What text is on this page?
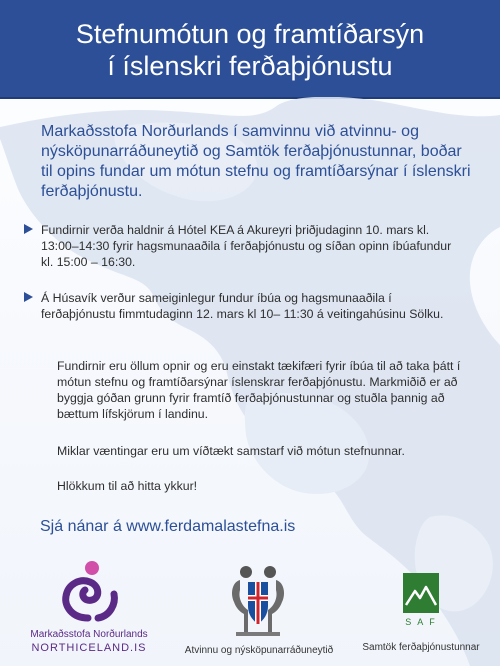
Stefnumótun og framtíðarsýn
í íslenskri ferðaþjónustu
Markaðsstofa Norðurlands í samvinnu við atvinnu- og nýsköpunarráðuneytið og Samtök ferðaþjónustunnar, boðar til opins fundar um mótun stefnu og framtíðarsýnar í íslenskri ferðaþjónustu.
Fundirnir verða haldnir á Hótel KEA á Akureyri þriðjudaginn 10. mars kl. 13:00–14:30 fyrir hagsmunaaðila í ferðaþjónustu og síðan opinn íbúafundur kl. 15:00 – 16:30.
Á Húsavík verður sameiginlegur fundur íbúa og hagsmunaaðila í ferðaþjónustu fimmtudaginn 12. mars kl 10– 11:30 á veitingahúsinu Sölku.
Fundirnir eru öllum opnir og eru einstakt tækifæri fyrir íbúa til að taka þátt í mótun stefnu og framtíðarsýnar íslenskrar ferðaþjónustu. Markmiðið er að byggja góðan grunn fyrir framtíð ferðaþjónustunnar og stuðla þannig að bættum lífskjörum í landinu.
Miklar væntingar eru um víðtækt samstarf við mótun stefnunnar.
Hlökkum til að hitta ykkur!
Sjá nánar á www.ferdamalastefna.is
Markaðsstofa Norðurlands
NORTHICELAND.IS	Atvinnu og nýsköpunarráðuneytið
S A F
Samtök ferðaþjónustunnar
